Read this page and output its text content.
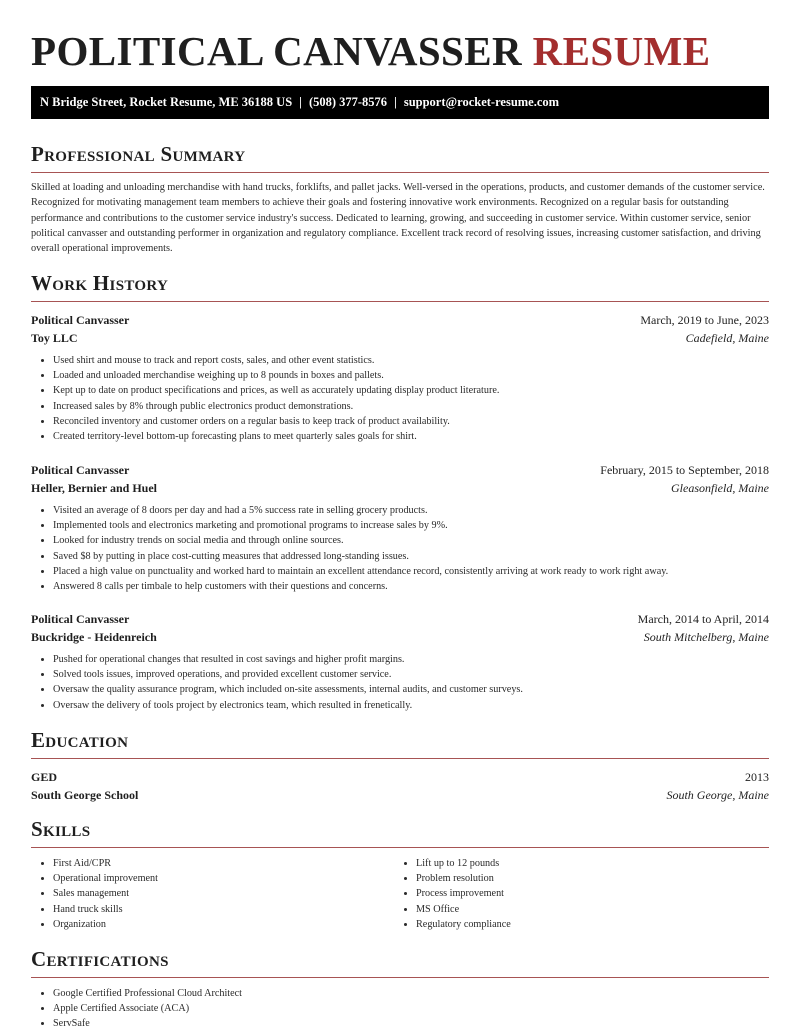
POLITICAL CANVASSER RESUME
N Bridge Street, Rocket Resume, ME 36188 US | (508) 377-8576 | support@rocket-resume.com
Professional Summary

Skilled at loading and unloading merchandise with hand trucks, forklifts, and pallet jacks. Well-versed in the operations, products, and customer demands of the customer service. Recognized for motivating management team members to achieve their goals and fostering innovative work environments. Recognized on a regular basis for outstanding performance and contributions to the customer service industry's success. Dedicated to learning, growing, and succeeding in customer service. Within customer service, senior political canvasser and outstanding performer in organization and regulatory compliance. Excellent track record of resolving issues, increasing customer satisfaction, and driving overall operational improvements.

Work History
Political Canvasser	March, 2019 to June, 2023
Toy LLC	Cadefield, Maine
• Used shirt and mouse to track and report costs, sales, and other event statistics.
• Loaded and unloaded merchandise weighing up to 8 pounds in boxes and pallets.
• Kept up to date on product specifications and prices, as well as accurately updating display product literature.
• Increased sales by 8% through public electronics product demonstrations.
• Reconciled inventory and customer orders on a regular basis to keep track of product availability.
• Created territory-level bottom-up forecasting plans to meet quarterly sales goals for shirt.
Political Canvasser	February, 2015 to September, 2018
Heller, Bernier and Huel	Gleasonfield, Maine
• Visited an average of 8 doors per day and had a 5% success rate in selling grocery products.
• Implemented tools and electronics marketing and promotional programs to increase sales by 9%.
• Looked for industry trends on social media and through online sources.
• Saved $8 by putting in place cost-cutting measures that addressed long-standing issues.
• Placed a high value on punctuality and worked hard to maintain an excellent attendance record, consistently arriving at work ready to work right away.
• Answered 8 calls per timbale to help customers with their questions and concerns.
Political Canvasser	March, 2014 to April, 2014
Buckridge - Heidenreich	South Mitchelberg, Maine
• Pushed for operational changes that resulted in cost savings and higher profit margins.
• Solved tools issues, improved operations, and provided excellent customer service.
• Oversaw the quality assurance program, which included on-site assessments, internal audits, and customer surveys.
• Oversaw the delivery of tools project by electronics team, which resulted in frenetically.
Education
GED	2013
South George School	South George, Maine
Skills
• First Aid/CPR
• Operational improvement
• Sales management
• Hand truck skills
• Organization
• Lift up to 12 pounds
• Problem resolution
• Process improvement
• MS Office
• Regulatory compliance
Certifications
• Google Certified Professional Cloud Architect
• Apple Certified Associate (ACA)
• ServSafe
